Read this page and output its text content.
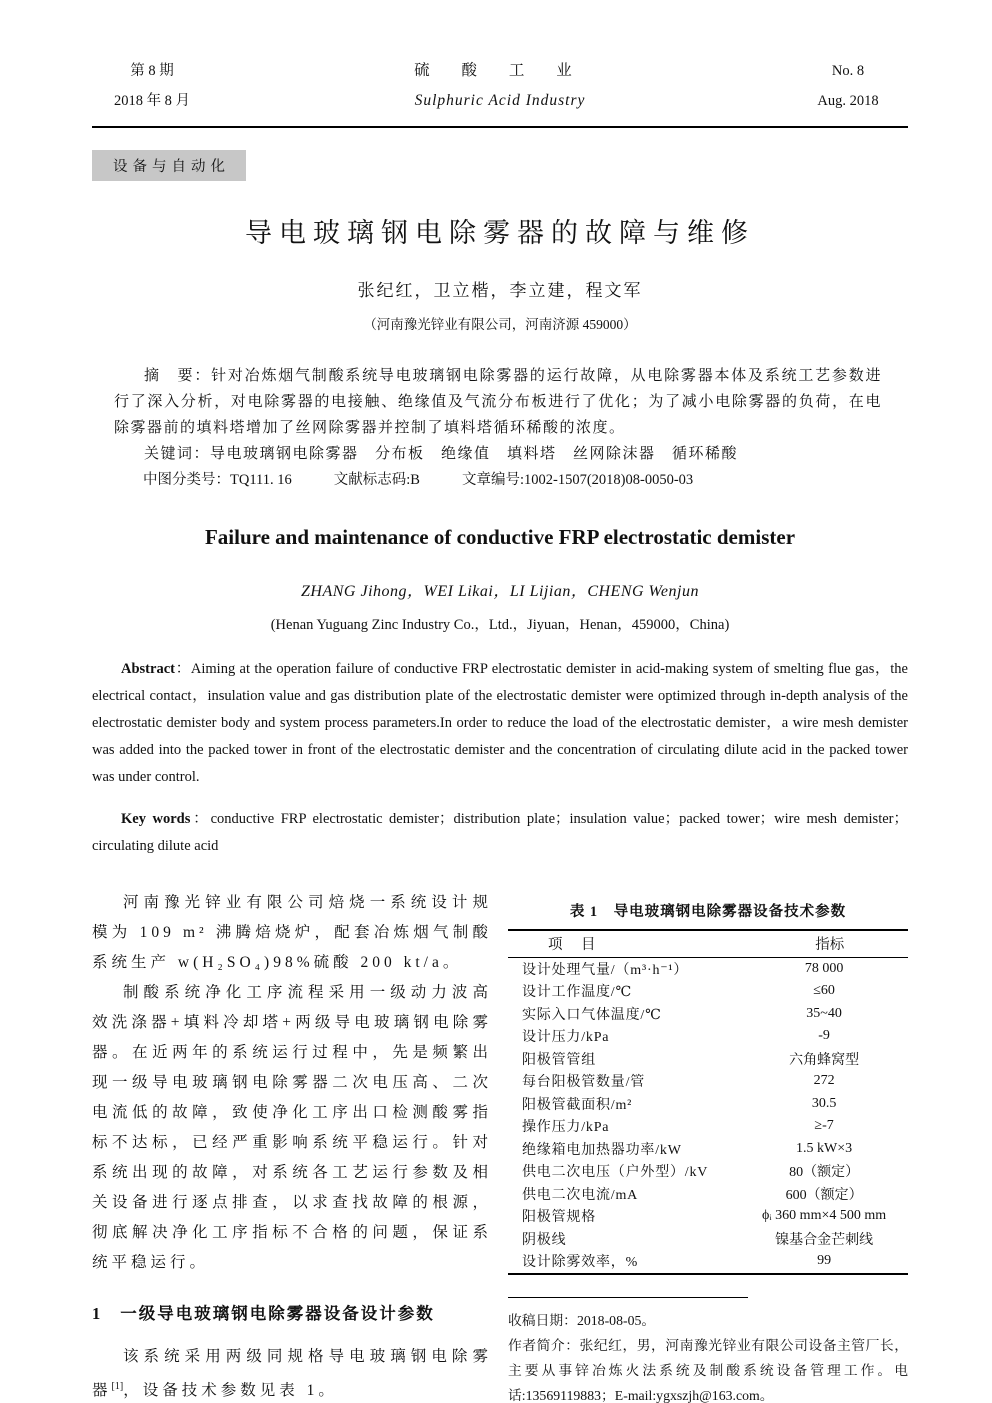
第 8 期
2018 年 8 月
硫 酸 工 业
Sulphuric Acid Industry
No. 8
Aug. 2018
设备与自动化
导电玻璃钢电除雾器的故障与维修
张纪红，卫立楷，李立建，程文军
（河南豫光锌业有限公司，河南济源 459000）

摘　要：针对冶炼烟气制酸系统导电玻璃钢电除雾器的运行故障，从电除雾器本体及系统工艺参数进行了深入分析，对电除雾器的电接触、绝缘值及气流分布板进行了优化；为了减小电除雾器的负荷，在电除雾器前的填料塔增加了丝网除雾器并控制了填料塔循环稀酸的浓度。

关键词：导电玻璃钢电除雾器　分布板　绝缘值　填料塔　丝网除沫器　循环稀酸

中图分类号：TQ111. 16	文献标志码:B	文章编号:1002-1507(2018)08-0050-03

Failure and maintenance of conductive FRP electrostatic demister
ZHANG Jihong，WEI Likai，LI Lijian，CHENG Wenjun
(Henan Yuguang Zinc Industry Co.，Ltd.，Jiyuan，Henan，459000，China)

Abstract：Aiming at the operation failure of conductive FRP electrostatic demister in acid-making system of smelting flue gas，the electrical contact，insulation value and gas distribution plate of the electrostatic demister were optimized through in-depth analysis of the electrostatic demister body and system process parameters.In order to reduce the load of the electrostatic demister，a wire mesh demister was added into the packed tower in front of the electrostatic demister and the concentration of circulating dilute acid in the packed tower was under control.

Key words：conductive FRP electrostatic demister；distribution plate；insulation value；packed tower；wire mesh demister；circulating dilute acid

河南豫光锌业有限公司焙烧一系统设计规模为 109 m² 沸腾焙烧炉，配套冶炼烟气制酸系统生产 w(H₂SO₄)98%硫酸 200 kt/a。

制酸系统净化工序流程采用一级动力波高效洗涤器+填料冷却塔+两级导电玻璃钢电除雾器。在近两年的系统运行过程中，先是频繁出现一级导电玻璃钢电除雾器二次电压高、二次电流低的故障，致使净化工序出口检测酸雾指标不达标，已经严重影响系统平稳运行。针对系统出现的故障，对系统各工艺运行参数及相关设备进行逐点排查，以求查找故障的根源，彻底解决净化工序指标不合格的问题，保证系统平稳运行。

1 一级导电玻璃钢电除雾器设备设计参数

该系统采用两级同规格导电玻璃钢电除雾器[1]，设备技术参数见表 1。

表 1　导电玻璃钢电除雾器设备技术参数
项　目	指标
设计处理气量/（m³·h⁻¹）	78 000
设计工作温度/℃	≤60
实际入口气体温度/℃	35~40
设计压力/kPa	-9
阳极管管组	六角蜂窝型
每台阳极管数量/管	272
阳极管截面积/m²	30.5
操作压力/kPa	≥-7
绝缘箱电加热器功率/kW	1.5 kW×3
供电二次电压（户外型）/kV	80（额定）
供电二次电流/mA	600（额定）
阳极管规格	ϕᵢ 360 mm×4 500 mm
阴极线	镍基合金芒刺线
设计除雾效率，%	99

收稿日期：2018-08-05。

作者简介：张纪红，男，河南豫光锌业有限公司设备主管厂长，主要从事锌冶炼火法系统及制酸系统设备管理工作。电话:13569119883；E-mail:ygxszjh@163.com。
